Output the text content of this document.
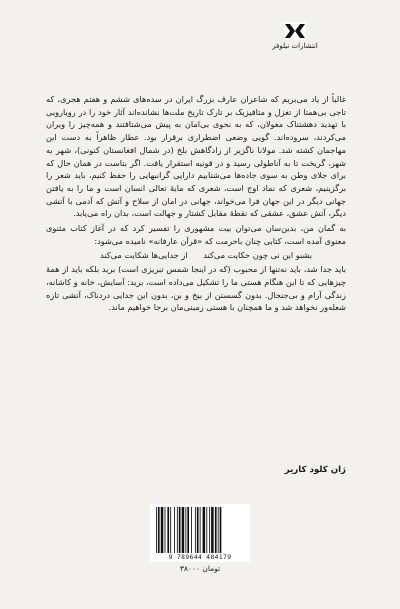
انتشارات نیلوفر

غالباً از یاد می‌بریم که شاعران عارف بزرگ ایران در سده‌های ششم و هفتم هجری، که تاجی بی‌همتا از تغزل و متافیزیک بر تارک تاریخ ملت‌ها نشانده‌اند آثار خود را در رویارویی با تهدید دهشتناک مغولان، که به نحوی بی‌امان به پیش می‌شتافتند و همه‌چیز را ویران می‌کردند، سروده‌اند. گویی وضعی اضطراری برقرار بود. عطار ظاهراً به دست این مهاجمان کشته شد. مولانا ناگزیر از زادگاهش بلخ (در شمال افغانستان کنونی)، شهر به شهر، گریخت تا به آناطولی رسید و در قونیه استقرار یافت. اگر بتاست در همان حال که برای جلای وطن به سوی جاده‌ها می‌شتابیم دارایی گرانبهایی را حفظ کنیم، باید شعر را برگزینیم، شعری که نماد اوج است، شعری که مایهٔ تعالی انسان است و ما را به یافتن جهانی دیگر در این جهان فرا می‌خواند، جهانی در امان از سلاح و آتش که آدمی با آتشی دیگر، آتش عشق، عشقی که نقطهٔ مقابل کشتار و جهالت است، بدان راه می‌یابد.

به گمان من، بدین‌سان می‌توان بیت مشهوری را تفسیر کرد که در آغاز کتاب مثنوی معنوی آمده است، کتابی چنان باحرمت که «قرآن عارفانه» نامیده می‌شود:

بشنو این نی چون حکایت می‌کند
از جدایی‌ها شکایت می‌کند

باید جدا شد، باید نه‌تنها از محبوب (که در اینجا شمس تبریزی است) برید بلکه باید از همهٔ چیزهایی که تا این هنگام هستی ما را تشکیل می‌داده است، برید: آسایش، خانه و کاشانه، زندگی آرام و بی‌جنجال. بدون گسستن از بیخ و بن، بدون این جدایی دردناک، آتشی تازه شعله‌ور نخواهد شد و ما همچنان با هستی زمینی‌مان برجا خواهیم ماند.

ژان کلود کاریر
9 789644 484179
۳۸۰۰۰ تومان
